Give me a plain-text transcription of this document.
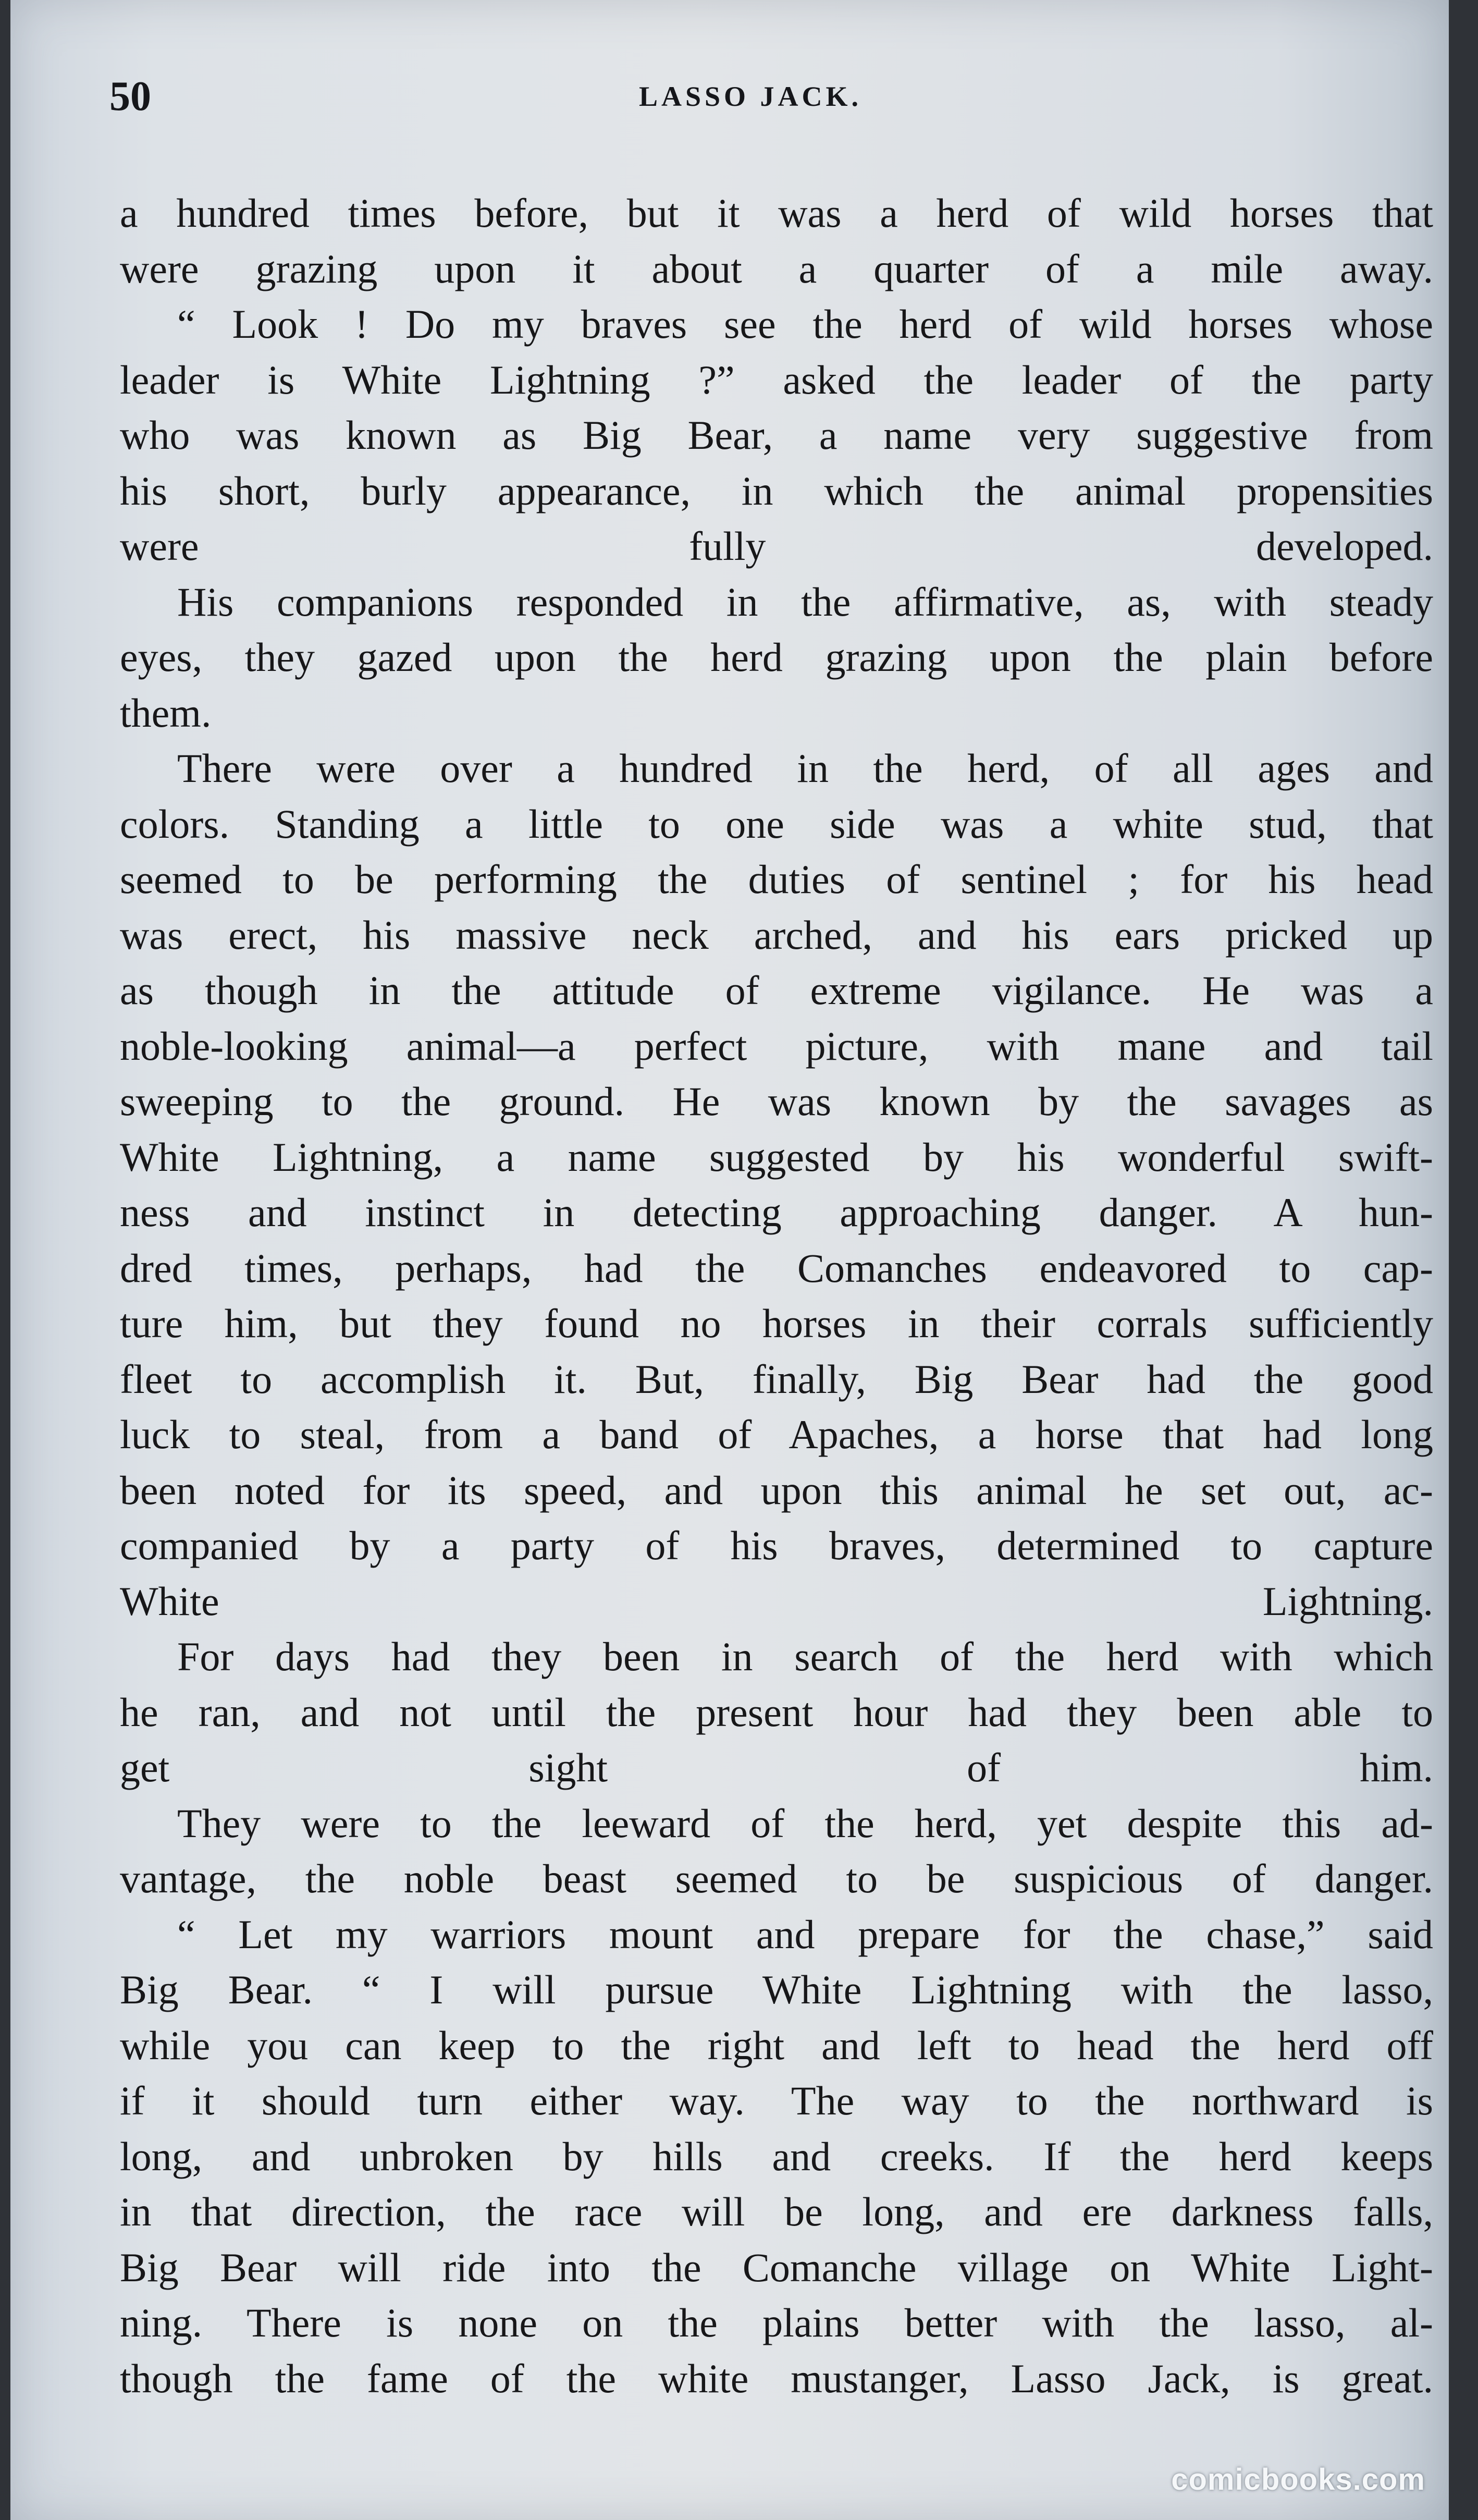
50	LASSO JACK.

a hundred times before, but it was a herd of wild horses that
were grazing upon it about a quarter of a mile away.

“ Look ! Do my braves see the herd of wild horses whose
leader is White Lightning ?” asked the leader of the party
who was known as Big Bear, a name very suggestive from
his short, burly appearance, in which the animal propensities
were fully developed.

His companions responded in the affirmative, as, with steady
eyes, they gazed upon the herd grazing upon the plain before
them.

There were over a hundred in the herd, of all ages and
colors. Standing a little to one side was a white stud, that
seemed to be performing the duties of sentinel ; for his head
was erect, his massive neck arched, and his ears pricked up
as though in the attitude of extreme vigilance. He was a
noble-looking animal—a perfect picture, with mane and tail
sweeping to the ground. He was known by the savages as
White Lightning, a name suggested by his wonderful swift-
ness and instinct in detecting approaching danger. A hun-
dred times, perhaps, had the Comanches endeavored to cap-
ture him, but they found no horses in their corrals sufficiently
fleet to accomplish it. But, finally, Big Bear had the good
luck to steal, from a band of Apaches, a horse that had long
been noted for its speed, and upon this animal he set out, ac-
companied by a party of his braves, determined to capture
White Lightning.

For days had they been in search of the herd with which
he ran, and not until the present hour had they been able to
get sight of him.

They were to the leeward of the herd, yet despite this ad-
vantage, the noble beast seemed to be suspicious of danger.

“ Let my warriors mount and prepare for the chase,” said
Big Bear. “ I will pursue White Lightning with the lasso,
while you can keep to the right and left to head the herd off
if it should turn either way. The way to the northward is
long, and unbroken by hills and creeks. If the herd keeps
in that direction, the race will be long, and ere darkness falls,
Big Bear will ride into the Comanche village on White Light-
ning. There is none on the plains better with the lasso, al-
though the fame of the white mustanger, Lasso Jack, is great.

comicbooks.com
